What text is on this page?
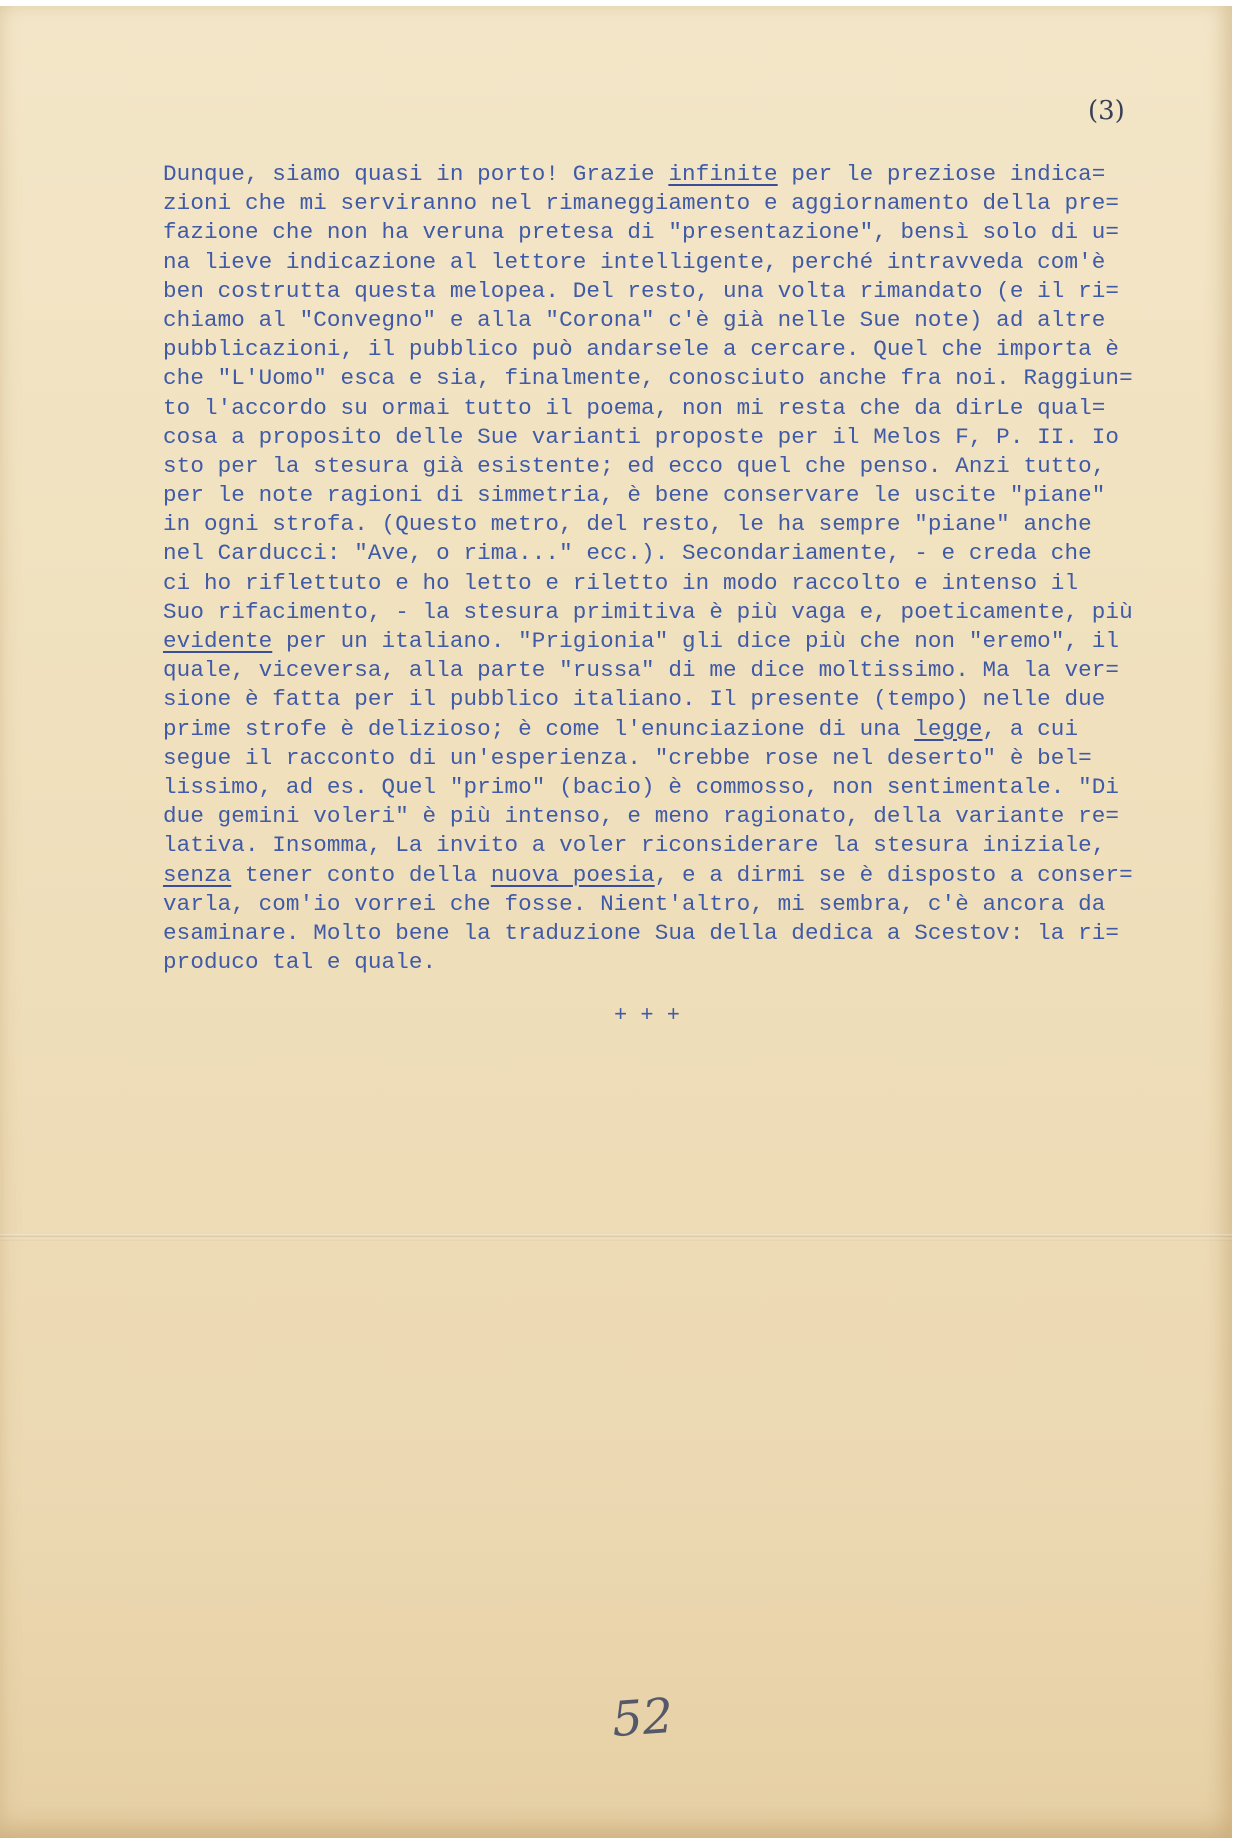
(3)
Dunque, siamo quasi in porto! Grazie infinite per le preziose indica=
zioni che mi serviranno nel rimaneggiamento e aggiornamento della pre=
fazione che non ha veruna pretesa di "presentazione", bensì solo di u=
na lieve indicazione al lettore intelligente, perché intravveda com'è
ben costrutta questa melopea. Del resto, una volta rimandato (e il ri=
chiamo al "Convegno" e alla "Corona" c'è già nelle Sue note) ad altre
pubblicazioni, il pubblico può andarsele a cercare. Quel che importa è
che "L'Uomo" esca e sia, finalmente, conosciuto anche fra noi. Raggiun=
to l'accordo su ormai tutto il poema, non mi resta che da dirLe qual=
cosa a proposito delle Sue varianti proposte per il Melos F, P. II. Io
sto per la stesura già esistente; ed ecco quel che penso. Anzi tutto,
per le note ragioni di simmetria, è bene conservare le uscite "piane"
in ogni strofa. (Questo metro, del resto, le ha sempre "piane" anche
nel Carducci: "Ave, o rima..." ecc.). Secondariamente, - e creda che
ci ho riflettuto e ho letto e riletto in modo raccolto e intenso il
Suo rifacimento, - la stesura primitiva è più vaga e, poeticamente, più
evidente per un italiano. "Prigionia" gli dice più che non "eremo", il
quale, viceversa, alla parte "russa" di me dice moltissimo. Ma la ver=
sione è fatta per il pubblico italiano. Il presente (tempo) nelle due
prime strofe è delizioso; è come l'enunciazione di una legge, a cui
segue il racconto di un'esperienza. "crebbe rose nel deserto" è bel=
lissimo, ad es. Quel "primo" (bacio) è commosso, non sentimentale. "Di
due gemini voleri" è più intenso, e meno ragionato, della variante re=
lativa. Insomma, La invito a voler riconsiderare la stesura iniziale,
senza tener conto della nuova poesia, e a dirmi se è disposto a conser=
varla, com'io vorrei che fosse. Nient'altro, mi sembra, c'è ancora da
esaminare. Molto bene la traduzione Sua della dedica a Scestov: la ri=
produco tal e quale.
+ + +
52
